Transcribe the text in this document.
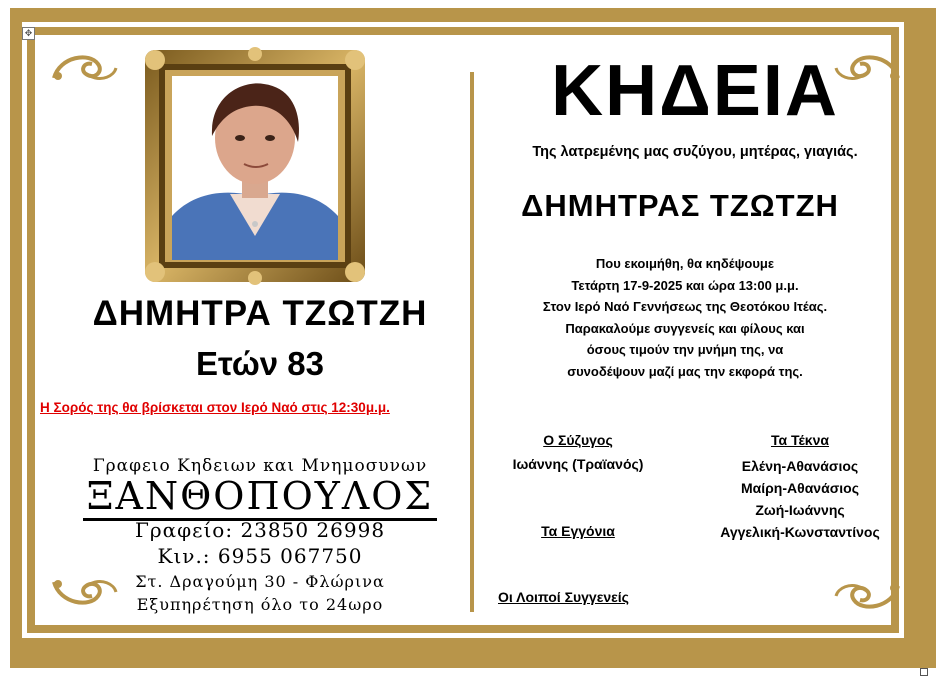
✥
ΔΗΜΗΤΡΑ ΤΖΩΤΖΗ
Ετών 83
Η Σορός της θα βρίσκεται στον Ιερό Ναό στις 12:30μ.μ.
Γραφειο Κηδειων και Μνημοσυνων
ΞΑΝΘΟΠΟΥΛΟΣ
Γραφείο: 23850 26998
Κιν.: 6955 067750
Στ. Δραγούμη 30 - Φλώρινα
Εξυπηρέτηση όλο το 24ωρο
ΚΗΔΕΙΑ
Της λατρεμένης μας συζύγου, μητέρας, γιαγιάς.
ΔΗΜΗΤΡΑΣ ΤΖΩΤΖΗ
Που εκοιμήθη, θα κηδέψουμε
Τετάρτη 17-9-2025 και ώρα 13:00 μ.μ.
Στον Ιερό Ναό Γεννήσεως της Θεοτόκου Ιτέας.
Παρακαλούμε συγγενείς και φίλους και
όσους τιμούν την μνήμη της, να
συνοδέψουν μαζί μας την εκφορά της.
Ο Σύζυγος
Ιωάννης (Τραϊανός)
Τα Τέκνα
Ελένη-Αθανάσιος
Μαίρη-Αθανάσιος
Ζωή-Ιωάννης
Αγγελική-Κωνσταντίνος
Τα Εγγόνια
Οι Λοιποί Συγγενείς
